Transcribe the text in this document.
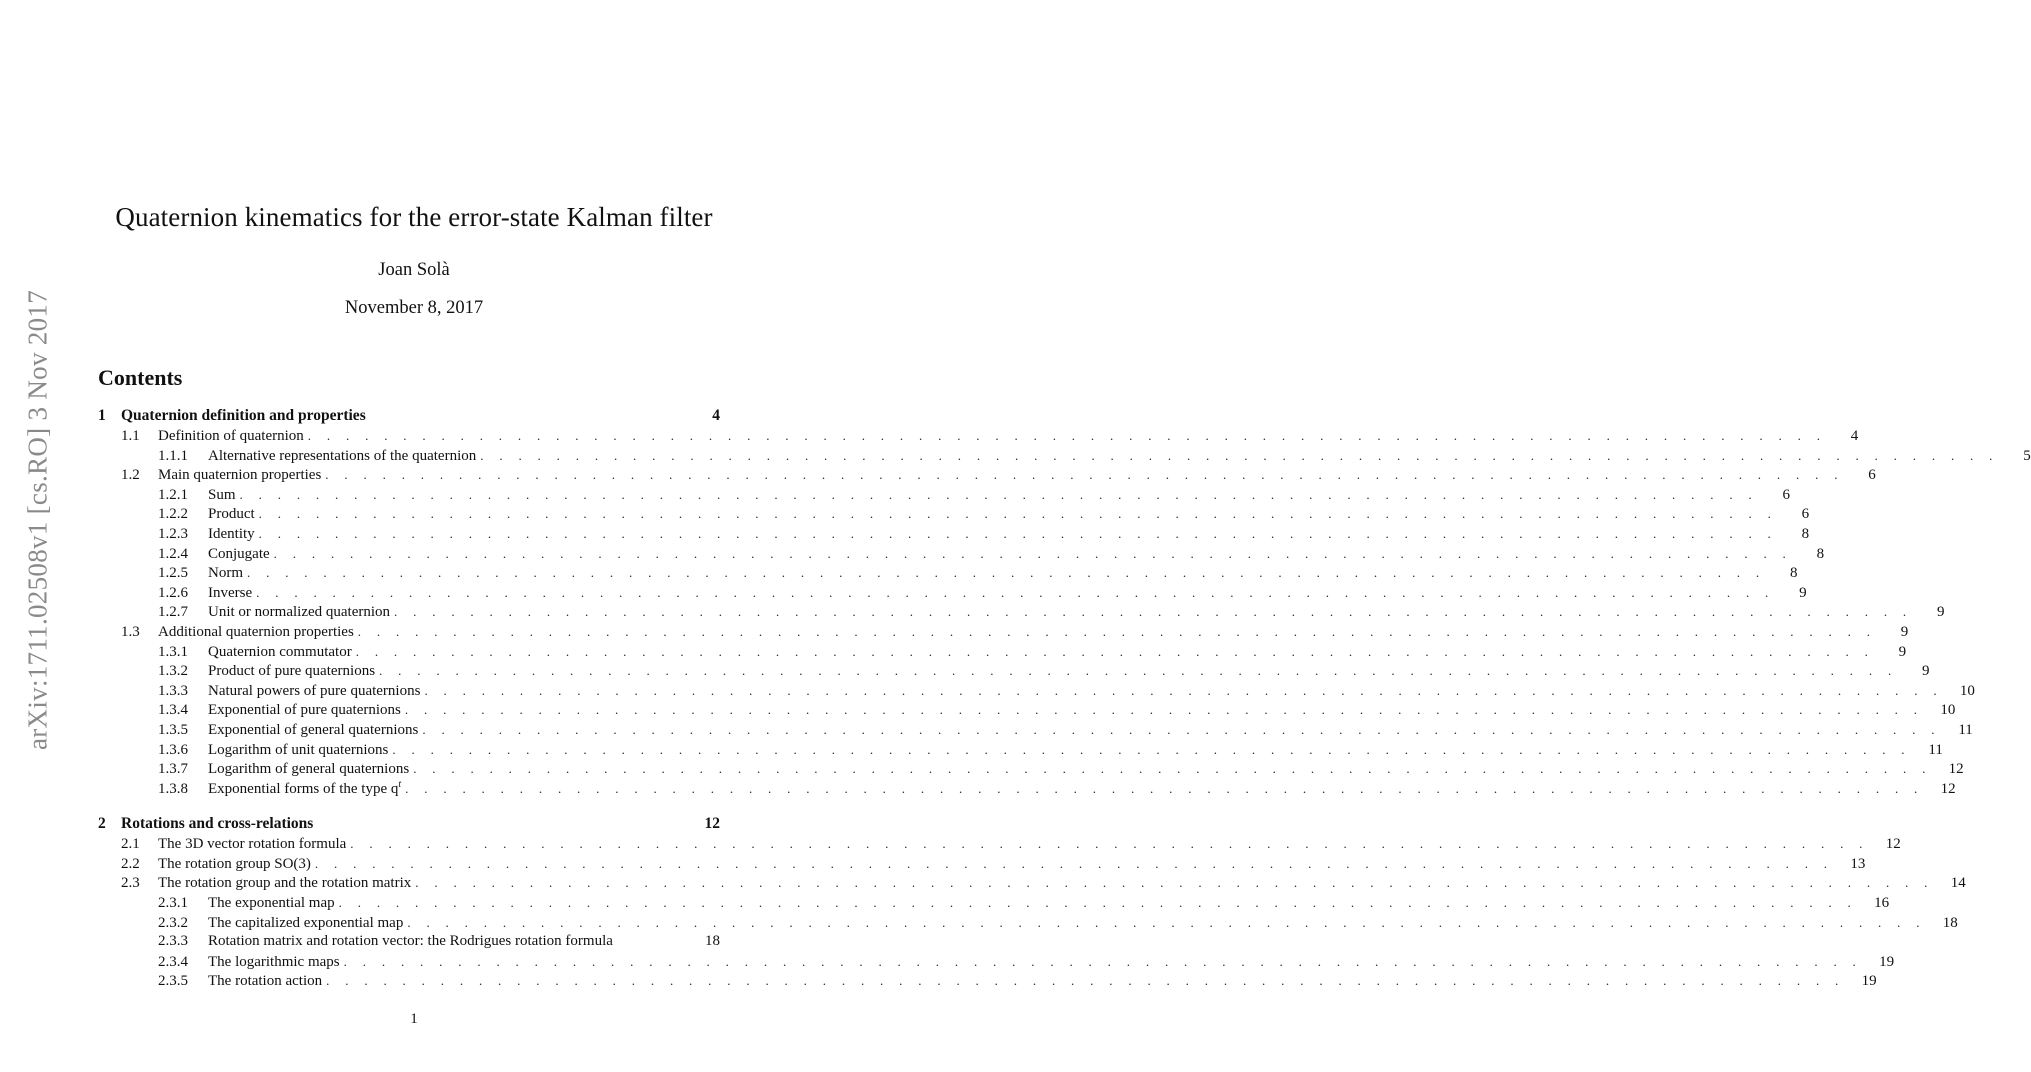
arXiv:1711.02508v1 [cs.RO] 3 Nov 2017
Quaternion kinematics for the error-state Kalman filter
Joan Solà
November 8, 2017
Contents
1 Quaternion definition and properties	4
1.1	Definition of quaternion . . . . . . . . . . . . . . . . . . . . . . . . . . . . . . . . . . . . . . . . . . . . . . . . . . . . . . . . . . . . . . . . . . . . . . . . . . . . . . . .	4
1.1.1	Alternative representations of the quaternion . . . . . . . . . . . . . . . . . . . . . . . . . . . . . . . . . . . . . . . . . . . . . . . . . . . . . . . . . . . . . . . . . . . . . . . . . . . . . . . .	5
1.2	Main quaternion properties . . . . . . . . . . . . . . . . . . . . . . . . . . . . . . . . . . . . . . . . . . . . . . . . . . . . . . . . . . . . . . . . . . . . . . . . . . . . . . . .	6
1.2.1	Sum . . . . . . . . . . . . . . . . . . . . . . . . . . . . . . . . . . . . . . . . . . . . . . . . . . . . . . . . . . . . . . . . . . . . . . . . . . . . . . . .	6
1.2.2	Product . . . . . . . . . . . . . . . . . . . . . . . . . . . . . . . . . . . . . . . . . . . . . . . . . . . . . . . . . . . . . . . . . . . . . . . . . . . . . . . .	6
1.2.3	Identity . . . . . . . . . . . . . . . . . . . . . . . . . . . . . . . . . . . . . . . . . . . . . . . . . . . . . . . . . . . . . . . . . . . . . . . . . . . . . . . .	8
1.2.4	Conjugate . . . . . . . . . . . . . . . . . . . . . . . . . . . . . . . . . . . . . . . . . . . . . . . . . . . . . . . . . . . . . . . . . . . . . . . . . . . . . . . .	8
1.2.5	Norm . . . . . . . . . . . . . . . . . . . . . . . . . . . . . . . . . . . . . . . . . . . . . . . . . . . . . . . . . . . . . . . . . . . . . . . . . . . . . . . .	8
1.2.6	Inverse . . . . . . . . . . . . . . . . . . . . . . . . . . . . . . . . . . . . . . . . . . . . . . . . . . . . . . . . . . . . . . . . . . . . . . . . . . . . . . . .	9
1.2.7	Unit or normalized quaternion . . . . . . . . . . . . . . . . . . . . . . . . . . . . . . . . . . . . . . . . . . . . . . . . . . . . . . . . . . . . . . . . . . . . . . . . . . . . . . . .	9
1.3	Additional quaternion properties . . . . . . . . . . . . . . . . . . . . . . . . . . . . . . . . . . . . . . . . . . . . . . . . . . . . . . . . . . . . . . . . . . . . . . . . . . . . . . . .	9
1.3.1	Quaternion commutator . . . . . . . . . . . . . . . . . . . . . . . . . . . . . . . . . . . . . . . . . . . . . . . . . . . . . . . . . . . . . . . . . . . . . . . . . . . . . . . .	9
1.3.2	Product of pure quaternions . . . . . . . . . . . . . . . . . . . . . . . . . . . . . . . . . . . . . . . . . . . . . . . . . . . . . . . . . . . . . . . . . . . . . . . . . . . . . . . .	9
1.3.3	Natural powers of pure quaternions . . . . . . . . . . . . . . . . . . . . . . . . . . . . . . . . . . . . . . . . . . . . . . . . . . . . . . . . . . . . . . . . . . . . . . . . . . . . . . . .	10
1.3.4	Exponential of pure quaternions . . . . . . . . . . . . . . . . . . . . . . . . . . . . . . . . . . . . . . . . . . . . . . . . . . . . . . . . . . . . . . . . . . . . . . . . . . . . . . . .	10
1.3.5	Exponential of general quaternions . . . . . . . . . . . . . . . . . . . . . . . . . . . . . . . . . . . . . . . . . . . . . . . . . . . . . . . . . . . . . . . . . . . . . . . . . . . . . . . .	11
1.3.6	Logarithm of unit quaternions . . . . . . . . . . . . . . . . . . . . . . . . . . . . . . . . . . . . . . . . . . . . . . . . . . . . . . . . . . . . . . . . . . . . . . . . . . . . . . . .	11
1.3.7	Logarithm of general quaternions . . . . . . . . . . . . . . . . . . . . . . . . . . . . . . . . . . . . . . . . . . . . . . . . . . . . . . . . . . . . . . . . . . . . . . . . . . . . . . . .	12
1.3.8	Exponential forms of the type $q^t$ . . . . . . . . . . . . . . . . . . . . . . . . . . . . . . . . . . . . . . . . . . . . . . . . . . . . . . . . . . . . . . . . . . . . . . . . . . . . . . . .	12
2 Rotations and cross-relations	12
2.1	The 3D vector rotation formula . . . . . . . . . . . . . . . . . . . . . . . . . . . . . . . . . . . . . . . . . . . . . . . . . . . . . . . . . . . . . . . . . . . . . . . . . . . . . . . .	12
2.2	The rotation group SO(3) . . . . . . . . . . . . . . . . . . . . . . . . . . . . . . . . . . . . . . . . . . . . . . . . . . . . . . . . . . . . . . . . . . . . . . . . . . . . . . . .	13
2.3	The rotation group and the rotation matrix . . . . . . . . . . . . . . . . . . . . . . . . . . . . . . . . . . . . . . . . . . . . . . . . . . . . . . . . . . . . . . . . . . . . . . . . . . . . . . . .	14
2.3.1	The exponential map . . . . . . . . . . . . . . . . . . . . . . . . . . . . . . . . . . . . . . . . . . . . . . . . . . . . . . . . . . . . . . . . . . . . . . . . . . . . . . . .	16
2.3.2	The capitalized exponential map . . . . . . . . . . . . . . . . . . . . . . . . . . . . . . . . . . . . . . . . . . . . . . . . . . . . . . . . . . . . . . . . . . . . . . . . . . . . . . . .	18
2.3.3	Rotation matrix and rotation vector: the Rodrigues rotation formula	18
2.3.4	The logarithmic maps . . . . . . . . . . . . . . . . . . . . . . . . . . . . . . . . . . . . . . . . . . . . . . . . . . . . . . . . . . . . . . . . . . . . . . . . . . . . . . . .	19
2.3.5	The rotation action . . . . . . . . . . . . . . . . . . . . . . . . . . . . . . . . . . . . . . . . . . . . . . . . . . . . . . . . . . . . . . . . . . . . . . . . . . . . . . . .	19
1
